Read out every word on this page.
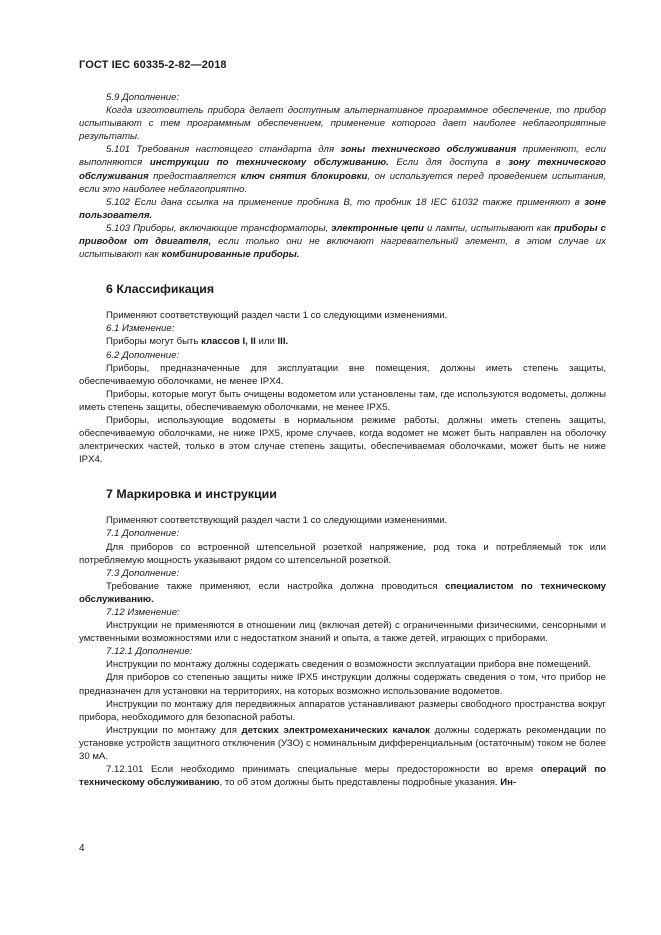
ГОСТ IEC 60335-2-82—2018

5.9 Дополнение:

Когда изготовитель прибора делает доступным альтернативное программное обеспечение, то прибор испытывают с тем программным обеспечением, применение которого дает наиболее неблагоприятные результаты.

5.101 Требования настоящего стандарта для зоны технического обслуживания применяют, если выполняются инструкции по техническому обслуживанию. Если для доступа в зону технического обслуживания предоставляется ключ снятия блокировки, он используется перед проведением испытания, если это наиболее неблагоприятно.

5.102 Если дана ссылка на применение пробника B, то пробник 18 IEC 61032 также применяют в зоне пользователя.

5.103 Приборы, включающие трансформаторы, электронные цепи и лампы, испытывают как приборы с приводом от двигателя, если только они не включают нагревательный элемент, в этом случае их испытывают как комбинированные приборы.

6 Классификация

Применяют соответствующий раздел части 1 со следующими изменениями.

6.1 Изменение:

Приборы могут быть классов I, II или III.

6.2 Дополнение:

Приборы, предназначенные для эксплуатации вне помещения, должны иметь степень защиты, обеспечиваемую оболочками, не менее IPX4.

Приборы, которые могут быть очищены водометом или установлены там, где используются водометы, должны иметь степень защиты, обеспечиваемую оболочками, не менее IPX5.

Приборы, использующие водометы в нормальном режиме работы, должны иметь степень защиты, обеспечиваемую оболочками, не ниже IPX5, кроме случаев, когда водомет не может быть направлен на оболочку электрических частей, только в этом случае степень защиты, обеспечиваемая оболочками, может быть не ниже IPX4.

7 Маркировка и инструкции

Применяют соответствующий раздел части 1 со следующими изменениями.

7.1 Дополнение:

Для приборов со встроенной штепсельной розеткой напряжение, род тока и потребляемый ток или потребляемую мощность указывают рядом со штепсельной розеткой.

7.3 Дополнение:

Требование также применяют, если настройка должна проводиться специалистом по техническому обслуживанию.

7.12 Изменение:

Инструкции не применяются в отношении лиц (включая детей) с ограниченными физическими, сенсорными и умственными возможностями или с недостатком знаний и опыта, а также детей, играющих с приборами.

7.12.1 Дополнение:

Инструкции по монтажу должны содержать сведения о возможности эксплуатации прибора вне помещений.

Для приборов со степенью защиты ниже IPX5 инструкции должны содержать сведения о том, что прибор не предназначен для установки на территориях, на которых возможно использование водометов.

Инструкции по монтажу для передвижных аппаратов устанавливают размеры свободного пространства вокруг прибора, необходимого для безопасной работы.

Инструкции по монтажу для детских электромеханических качалок должны содержать рекомендации по установке устройств защитного отключения (УЗО) с номинальным дифференциальным (остаточным) током не более 30 мА.

7.12.101 Если необходимо принимать специальные меры предосторожности во время операций по техническому обслуживанию, то об этом должны быть представлены подробные указания. Ин-

4
